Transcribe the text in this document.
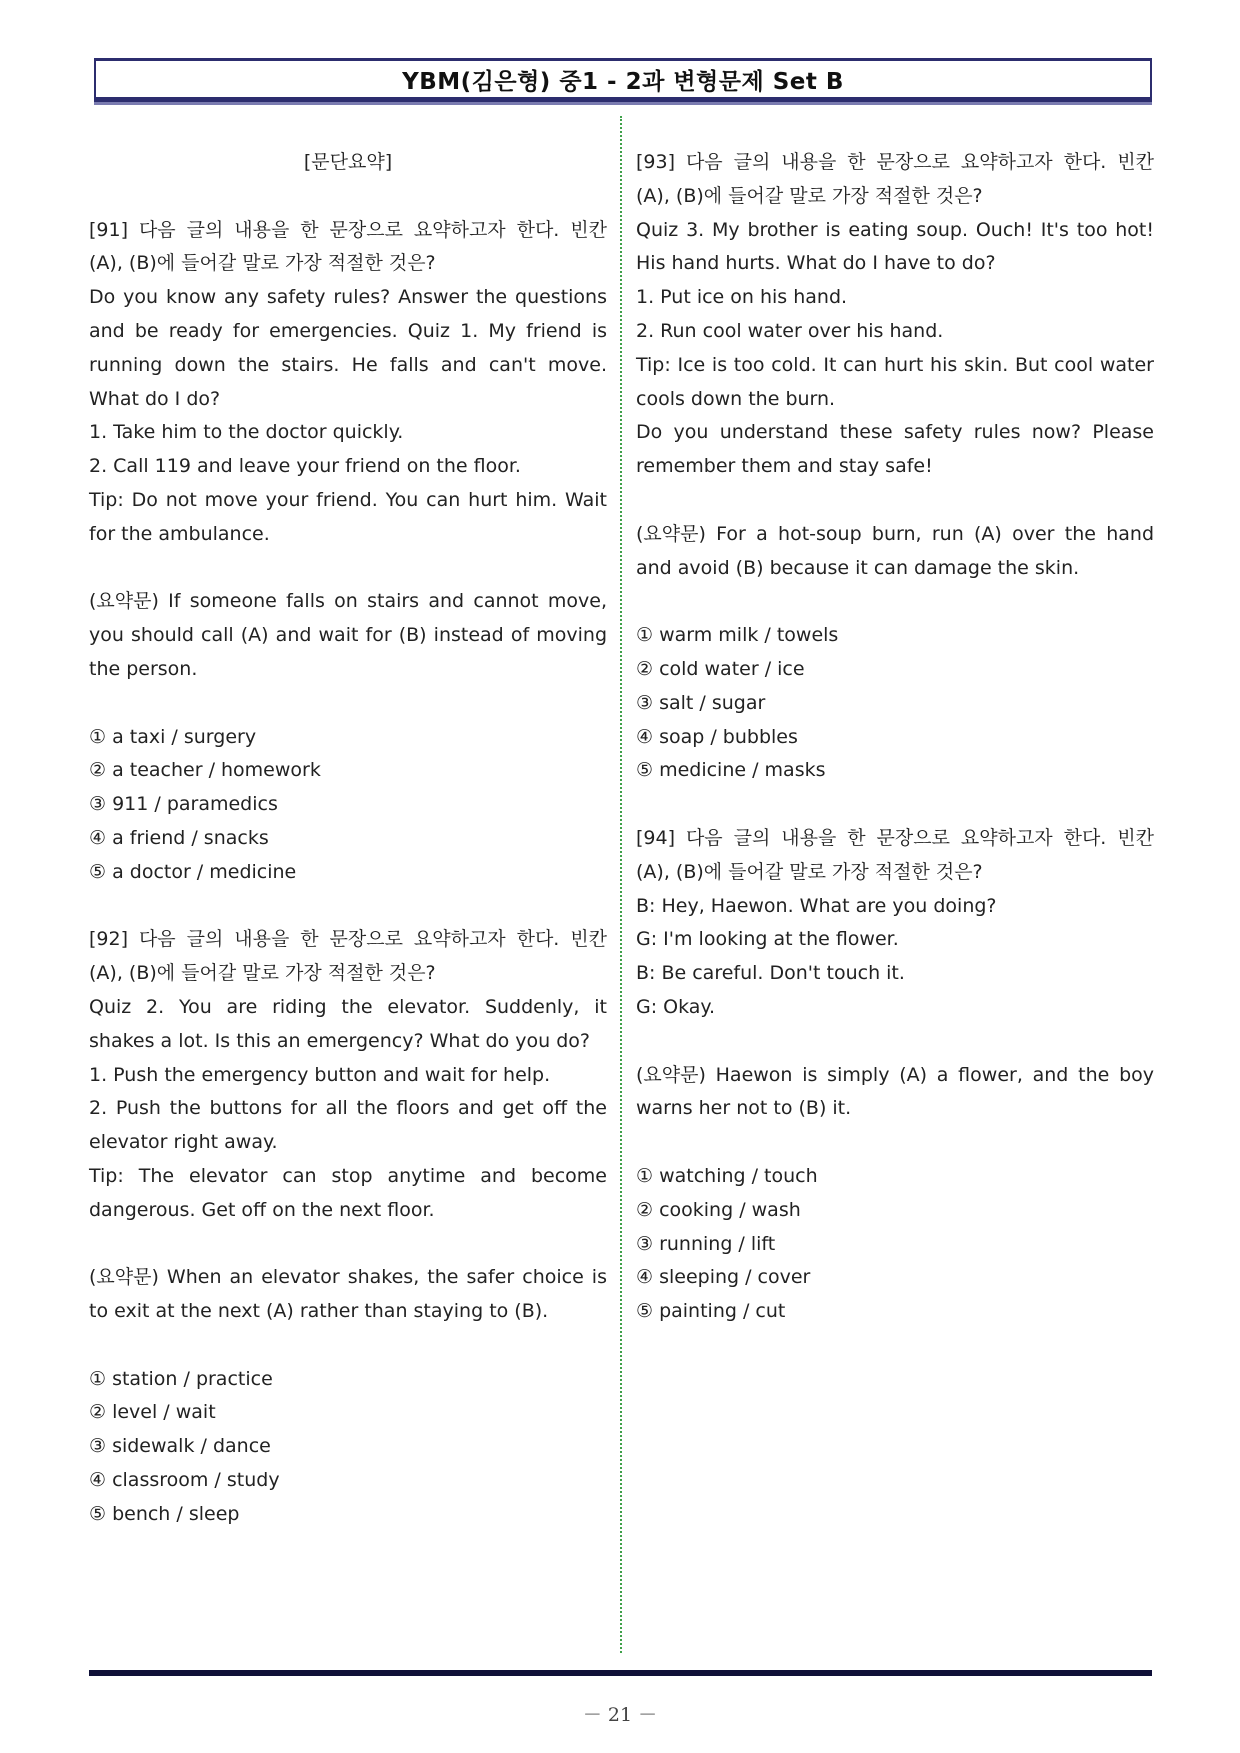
YBM(김은형) 중1 - 2과 변형문제 Set B

[문단요약]

[91] 다음 글의 내용을 한 문장으로 요약하고자 한다. 빈칸 (A), (B)에 들어갈 말로 가장 적절한 것은?

Do you know any safety rules? Answer the questions and be ready for emergencies. Quiz 1. My friend is running down the stairs. He falls and can't move. What do I do?

1. Take him to the doctor quickly.

2. Call 119 and leave your friend on the floor.

Tip: Do not move your friend. You can hurt him. Wait for the ambulance.

(요약문) If someone falls on stairs and cannot move, you should call (A) and wait for (B) instead of moving the person.

① a taxi / surgery

② a teacher / homework

③ 911 / paramedics

④ a friend / snacks

⑤ a doctor / medicine

[92] 다음 글의 내용을 한 문장으로 요약하고자 한다. 빈칸 (A), (B)에 들어갈 말로 가장 적절한 것은?

Quiz 2. You are riding the elevator. Suddenly, it shakes a lot. Is this an emergency? What do you do?

1. Push the emergency button and wait for help.

2. Push the buttons for all the floors and get off the elevator right away.

Tip: The elevator can stop anytime and become dangerous. Get off on the next floor.

(요약문) When an elevator shakes, the safer choice is to exit at the next (A) rather than staying to (B).

① station / practice

② level / wait

③ sidewalk / dance

④ classroom / study

⑤ bench / sleep

[93] 다음 글의 내용을 한 문장으로 요약하고자 한다. 빈칸 (A), (B)에 들어갈 말로 가장 적절한 것은?

Quiz 3. My brother is eating soup. Ouch! It's too hot! His hand hurts. What do I have to do?

1. Put ice on his hand.

2. Run cool water over his hand.

Tip: Ice is too cold. It can hurt his skin. But cool water cools down the burn.

Do you understand these safety rules now? Please remember them and stay safe!

(요약문) For a hot-soup burn, run (A) over the hand and avoid (B) because it can damage the skin.

① warm milk / towels

② cold water / ice

③ salt / sugar

④ soap / bubbles

⑤ medicine / masks

[94] 다음 글의 내용을 한 문장으로 요약하고자 한다. 빈칸 (A), (B)에 들어갈 말로 가장 적절한 것은?

B: Hey, Haewon. What are you doing?

G: I'm looking at the flower.

B: Be careful. Don't touch it.

G: Okay.

(요약문) Haewon is simply (A) a flower, and the boy warns her not to (B) it.

① watching / touch

② cooking / wash

③ running / lift

④ sleeping / cover

⑤ painting / cut

－ 21 －
